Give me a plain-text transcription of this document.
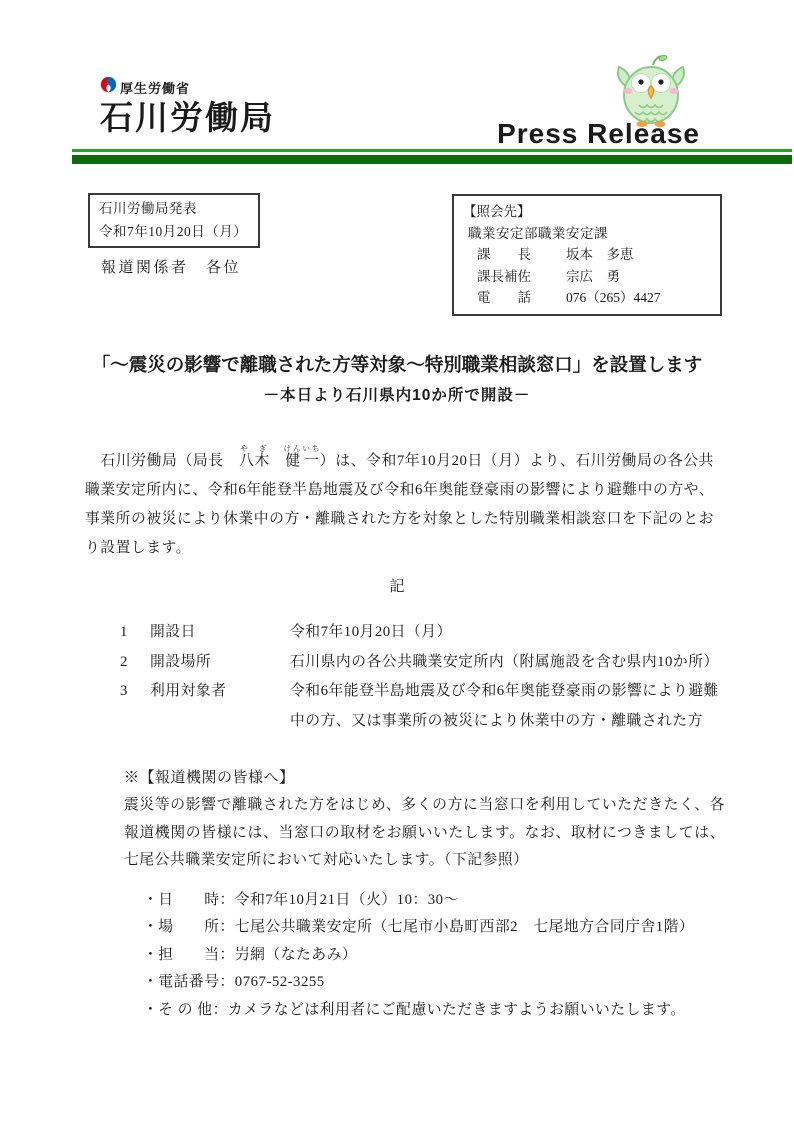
厚生労働省
石川労働局	Press Release
石川労働局発表
令和7年10月20日（月）
報道関係者　各位
【照会先】
職業安定部職業安定課
課　　長	坂本　多恵
課長補佐	宗広　勇
電　　話	076（265）4427
「～震災の影響で離職された方等対象～特別職業相談窓口」を設置します
－本日より石川県内10か所で開設－
　石川労働局（局長　八木や ぎ　健一けんいち）は、令和7年10月20日（月）より、石川労働局の各公共職業安定所内に、令和6年能登半島地震及び令和6年奥能登豪雨の影響により避難中の方や、事業所の被災により休業中の方・離職された方を対象とした特別職業相談窓口を下記のとおり設置します。
記
1	開設日	令和7年10月20日（月）
2	開設場所	石川県内の各公共職業安定所内（附属施設を含む県内10か所）
3	利用対象者	令和6年能登半島地震及び令和6年奥能登豪雨の影響により避難中の方、又は事業所の被災により休業中の方・離職された方
※【報道機関の皆様へ】
震災等の影響で離職された方をはじめ、多くの方に当窓口を利用していただきたく、各報道機関の皆様には、当窓口の取材をお願いいたします。なお、取材につきましては、七尾公共職業安定所において対応いたします。（下記参照）
・日　　時： 令和7年10月21日（火）10：30～
・場　　所： 七尾公共職業安定所（七尾市小島町西部2　七尾地方合同庁舎1階）
・担　　当： 屶網（なたあみ）
・電話番号： 0767-52-3255
・そ の 他： カメラなどは利用者にご配慮いただきますようお願いいたします。
